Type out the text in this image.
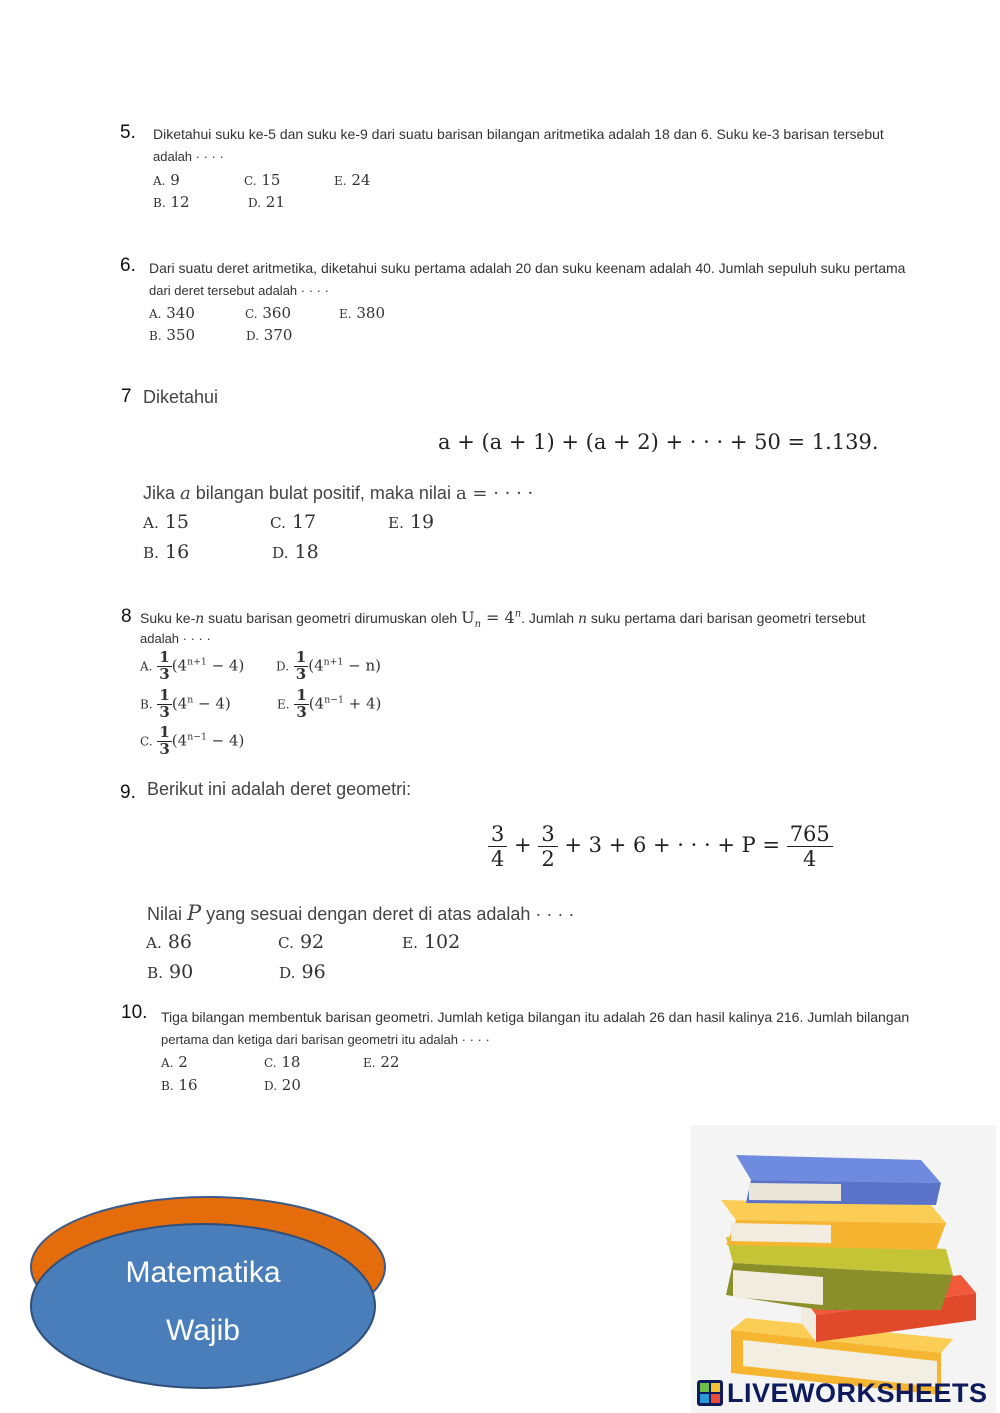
5. Diketahui suku ke-5 dan suku ke-9 dari suatu barisan bilangan aritmetika adalah 18 dan 6. Suku ke-3 barisan tersebut
adalah · · · ·
A. 9	C. 15	E. 24
B. 12	D. 21
6. Dari suatu deret aritmetika, diketahui suku pertama adalah 20 dan suku keenam adalah 40. Jumlah sepuluh suku pertama
dari deret tersebut adalah · · · ·
A. 340	C. 360	E. 380
B. 350	D. 370
7 Diketahui
a + (a + 1) + (a + 2) + · · · + 50 = 1.139.
Jika a bilangan bulat positif, maka nilai a = · · · ·
A. 15	C. 17	E. 19
B. 16	D. 18
8 Suku ke-n suatu barisan geometri dirumuskan oleh $U_n = 4^n$. Jumlah n suku pertama dari barisan geometri tersebut
adalah · · · ·
A. $\frac{1}{3} (4^{n+1} - 4)$	D. $\frac{1}{3} (4^{n+1} - n)$
B. $\frac{1}{3} (4^n - 4)$	E. $\frac{1}{3} (4^{n-1} + 4)$
C. $\frac{1}{3} (4^{n-1} - 4)$
9. Berikut ini adalah deret geometri:
$\frac{3}{4} + \frac{3}{2} + 3 + 6$ + · · · + $P = \frac{765}{4}$
Nilai P yang sesuai dengan deret di atas adalah · · · ·
A. 86	C. 92	E. 102
B. 90	D. 96
10. Tiga bilangan membentuk barisan geometri. Jumlah ketiga bilangan itu adalah 26 dan hasil kalinya 216. Jumlah bilangan
pertama dan ketiga dari barisan geometri itu adalah · · · ·
A. 2	C. 18	E. 22
B. 16	D. 20
Matematika
Wajib
LIVEWORKSHEETS
